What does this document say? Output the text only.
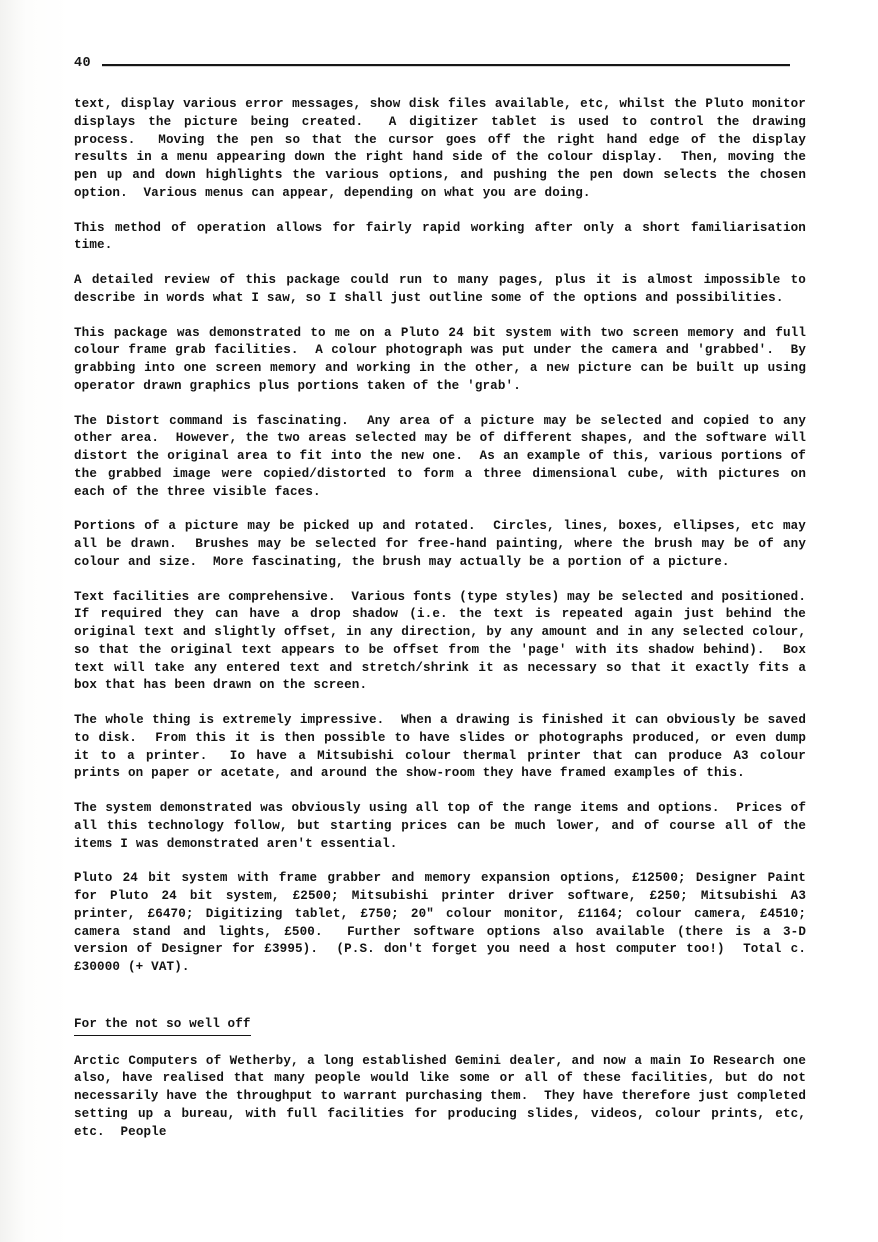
40

text, display various error messages, show disk files available, etc, whilst the Pluto monitor displays the picture being created.  A digitizer tablet is used to control the drawing process.  Moving the pen so that the cursor goes off the right hand edge of the display results in a menu appearing down the right hand side of the colour display.  Then, moving the pen up and down highlights the various options, and pushing the pen down selects the chosen option.  Various menus can appear, depending on what you are doing.

This method of operation allows for fairly rapid working after only a short familiarisation time.

A detailed review of this package could run to many pages, plus it is almost impossible to describe in words what I saw, so I shall just outline some of the options and possibilities.

This package was demonstrated to me on a Pluto 24 bit system with two screen memory and full colour frame grab facilities.  A colour photograph was put under the camera and 'grabbed'.  By grabbing into one screen memory and working in the other, a new picture can be built up using operator drawn graphics plus portions taken of the 'grab'.

The Distort command is fascinating.  Any area of a picture may be selected and copied to any other area.  However, the two areas selected may be of different shapes, and the software will distort the original area to fit into the new one.  As an example of this, various portions of the grabbed image were copied/distorted to form a three dimensional cube, with pictures on each of the three visible faces.

Portions of a picture may be picked up and rotated.  Circles, lines, boxes, ellipses, etc may all be drawn.  Brushes may be selected for free-hand painting, where the brush may be of any colour and size.  More fascinating, the brush may actually be a portion of a picture.

Text facilities are comprehensive.  Various fonts (type styles) may be selected and positioned.  If required they can have a drop shadow (i.e. the text is repeated again just behind the original text and slightly offset, in any direction, by any amount and in any selected colour, so that the original text appears to be offset from the 'page' with its shadow behind).  Box text will take any entered text and stretch/shrink it as necessary so that it exactly fits a box that has been drawn on the screen.

The whole thing is extremely impressive.  When a drawing is finished it can obviously be saved to disk.  From this it is then possible to have slides or photographs produced, or even dump it to a printer.  Io have a Mitsubishi colour thermal printer that can produce A3 colour prints on paper or acetate, and around the show-room they have framed examples of this.

The system demonstrated was obviously using all top of the range items and options.  Prices of all this technology follow, but starting prices can be much lower, and of course all of the items I was demonstrated aren't essential.

Pluto 24 bit system with frame grabber and memory expansion options, £12500; Designer Paint for Pluto 24 bit system, £2500; Mitsubishi printer driver software, £250; Mitsubishi A3 printer, £6470; Digitizing tablet, £750; 20" colour monitor, £1164; colour camera, £4510; camera stand and lights, £500.  Further software options also available (there is a 3-D version of Designer for £3995).  (P.S. don't forget you need a host computer too!)  Total c. £30000 (+ VAT).

For the not so well off

Arctic Computers of Wetherby, a long established Gemini dealer, and now a main Io Research one also, have realised that many people would like some or all of these facilities, but do not necessarily have the throughput to warrant purchasing them.  They have therefore just completed setting up a bureau, with full facilities for producing slides, videos, colour prints, etc, etc.  People
